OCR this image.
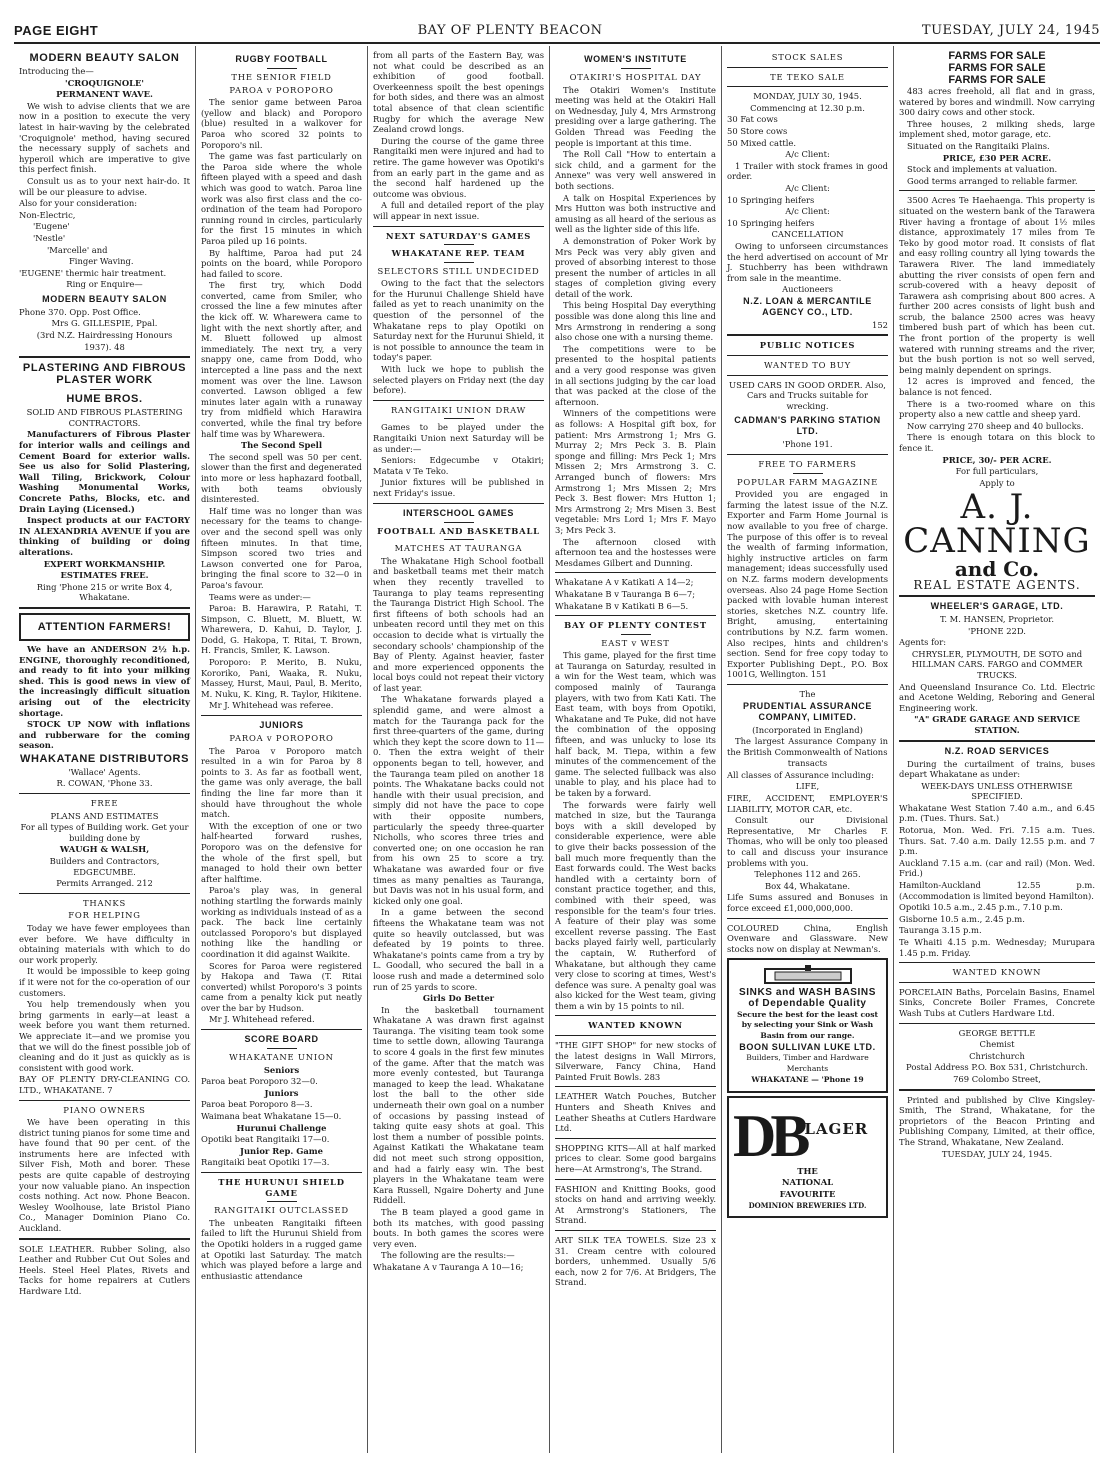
PAGE EIGHT	BAY OF PLENTY BEACON	TUESDAY, JULY 24, 1945
MODERN BEAUTY SALON

Introducing the—

'CROQUIGNOLE'

PERMANENT WAVE.

We wish to advise clients that we are now in a position to execute the very latest in hair-waving by the celebrated 'Croquignole' method, having secured the necessary supply of sachets and hyperoil which are imperative to give this perfect finish.

Consult us as to your next hair-do. It will be our pleasure to advise.

Also for your consideration:

Non-Electric,

'Eugene'

'Nestle'

'Marcelle' and

Finger Waving.

'EUGENE' thermic hair treatment.

Ring or Enquire—

MODERN BEAUTY SALON

Phone 370. Opp. Post Office.

Mrs G. GILLESPIE, Ppal.

(3rd N.Z. Hairdressing Honours

1937). 48

PLASTERING AND FIBROUS PLASTER WORK
HUME BROS.

SOLID AND FIBROUS PLASTERING CONTRACTORS.

Manufacturers of Fibrous Plaster for interior walls and ceilings and Cement Board for exterior walls. See us also for Solid Plastering, Wall Tiling, Brickwork, Colour Washing Monumental Works, Concrete Paths, Blocks, etc. and Drain Laying (Licensed.)

Inspect products at our FACTORY IN ALEXANDRIA AVENUE if you are thinking of building or doing alterations.

EXPERT WORKMANSHIP.

ESTIMATES FREE.

Ring 'Phone 215 or write Box 4, Whakatane.

ATTENTION FARMERS!

We have an ANDERSON 2½ h.p. ENGINE, thoroughly reconditioned, and ready to fit into your milking shed. This is good news in view of the increasingly difficult situation arising out of the electricity shortage.

STOCK UP NOW with inflations and rubberware for the coming season.

WHAKATANE DISTRIBUTORS

'Wallace' Agents.

R. COWAN, 'Phone 33.

FREE

PLANS AND ESTIMATES

For all types of Building work. Get your building done by

WAUGH & WALSH,

Builders and Contractors, EDGECUMBE.

Permits Arranged. 212

THANKS
FOR HELPING

Today we have fewer employees than ever before. We have difficulty in obtaining materials with which to do our work properly.

It would be impossible to keep going if it were not for the co-operation of our customers.

You help tremendously when you bring garments in early—at least a week before you want them returned. We appreciate it—and we promise you that we will do the finest possible job of cleaning and do it just as quickly as is consistent with good work.

BAY OF PLENTY DRY-CLEANING CO. LTD., WHAKATANE. 7

PIANO OWNERS

We have been operating in this district tuning pianos for some time and have found that 90 per cent. of the instruments here are infected with Silver Fish, Moth and borer. These pests are quite capable of destroying your now valuable piano. An inspection costs nothing. Act now. Phone Beacon. Wesley Woolhouse, late Bristol Piano Co., Manager Dominion Piano Co. Auckland.

SOLE LEATHER. Rubber Soling, also Leather and Rubber Cut Out Soles and Heels. Steel Heel Plates, Rivets and Tacks for home repairers at Cutlers Hardware Ltd.

RUGBY FOOTBALL
THE SENIOR FIELD
PAROA v POROPORO

The senior game between Paroa (yellow and black) and Poroporo (blue) resulted in a walkover for Paroa who scored 32 points to Poroporo's nil.

The game was fast particularly on the Paroa side where the whole fifteen played with a speed and dash which was good to watch. Paroa line work was also first class and the co-ordination of the team had Poroporo running round in circles, particularly for the first 15 minutes in which Paroa piled up 16 points.

By halftime, Paroa had put 24 points on the board, while Poroporo had failed to score.

The first try, which Dodd converted, came from Smiler, who crossed the line a few minutes after the kick off. W. Wharewera came to light with the next shortly after, and M. Bluett followed up almost immediately. The next try, a very snappy one, came from Dodd, who intercepted a line pass and the next moment was over the line. Lawson converted. Lawson obliged a few minutes later again with a runaway try from midfield which Harawira converted, while the final try before half time was by Wharewera.

The Second Spell

The second spell was 50 per cent. slower than the first and degenerated into more or less haphazard football, with both teams obviously disinterested.

Half time was no longer than was necessary for the teams to change-over and the second spell was only fifteen minutes. In that time, Simpson scored two tries and Lawson converted one for Paroa, bringing the final score to 32—0 in Paroa's favour.

Teams were as under:—

Paroa: B. Harawira, P. Ratahi, T. Simpson, C. Bluett, M. Bluett, W. Wharewera, D. Kahui, D. Taylor, J. Dodd, G. Hakopa, T. Ritai, T. Brown, H. Francis, Smiler, K. Lawson.

Poroporo: P. Merito, B. Nuku, Kororiko, Pani, Waaka, R. Nuku, Massey, Hurst, Maui, Paul, B. Merito, M. Nuku, K. King, R. Taylor, Hikitene.

Mr J. Whitehead was referee.

JUNIORS
PAROA v POROPORO

The Paroa v Poroporo match resulted in a win for Paroa by 8 points to 3. As far as football went, the game was only average, the ball finding the line far more than it should have throughout the whole match.

With the exception of one or two half-hearted forward rushes, Poroporo was on the defensive for the whole of the first spell, but managed to hold their own better after halftime.

Paroa's play was, in general nothing startling the forwards mainly working as individuals instead of as a pack. The back line certainly outclassed Poroporo's but displayed nothing like the handling or coordination it did against Waikite.

Scores for Paroa were registered by Hakopa and Tawa (T. Ritai converted) whilst Poroporo's 3 points came from a penalty kick put neatly over the bar by Hudson.

Mr J. Whitehead refered.

SCORE BOARD
WHAKATANE UNION

Seniors

Paroa beat Poroporo 32—0.

Juniors

Paroa beat Poroporo 8—3.

Waimana beat Whakatane 15—0.

Hurunui Challenge

Opotiki beat Rangitaiki 17—0.

Junior Rep. Game

Rangitaiki beat Opotiki 17—3.

THE HURUNUI SHIELD GAME
RANGITAIKI OUTCLASSED

The unbeaten Rangitaiki fifteen failed to lift the Hurunui Shield from the Opotiki holders in a rugged game at Opotiki last Saturday. The match which was played before a large and enthusiastic attendance

from all parts of the Eastern Bay, was not what could be described as an exhibition of good football. Overkeenness spoilt the best openings for both sides, and there was an almost total absence of that clean scientific Rugby for which the average New Zealand crowd longs.

During the course of the game three Rangitaiki men were injured and had to retire. The game however was Opotiki's from an early part in the game and as the second half hardened up the outcome was obvious.

A full and detailed report of the play will appear in next issue.

NEXT SATURDAY'S GAMES
WHAKATANE REP. TEAM
SELECTORS STILL UNDECIDED

Owing to the fact that the selectors for the Hurunui Challenge Shield have failed as yet to reach unanimity on the question of the personnel of the Whakatane reps to play Opotiki on Saturday next for the Hurunui Shield, it is not possible to announce the team in today's paper.

With luck we hope to publish the selected players on Friday next (the day before).

RANGITAIKI UNION DRAW

Games to be played under the Rangitaiki Union next Saturday will be as under:—

Seniors: Edgecumbe v Otakiri; Matata v Te Teko.

Junior fixtures will be published in next Friday's issue.

INTERSCHOOL GAMES
FOOTBALL AND BASKETBALL
MATCHES AT TAURANGA

The Whakatane High School football and basketball teams met their match when they recently travelled to Tauranga to play teams representing the Tauranga District High School. The first fifteens of both schools had an unbeaten record until they met on this occasion to decide what is virtually the secondary schools' championship of the Bay of Plenty. Against heavier, faster and more experienced opponents the local boys could not repeat their victory of last year.

The Whakatane forwards played a splendid game, and were almost a match for the Tauranga pack for the first three-quarters of the game, during which they kept the score down to 11—0. Then the extra weight of their opponents began to tell, however, and the Tauranga team piled on another 18 points. The Whakatane backs could not handle with their usual precision, and simply did not have the pace to cope with their opposite numbers, particularly the speedy three-quarter Nicholls, who scores three tries and converted one; on one occasion he ran from his own 25 to score a try. Whakatane was awarded four or five times as many penalties as Tauranga, but Davis was not in his usual form, and kicked only one goal.

In a game between the second fifteens the Whakatane team was not quite so heavily outclassed, but was defeated by 19 points to three. Whakatane's points came from a try by L. Goodall, who secured the ball in a loose rush and made a determined solo run of 25 yards to score.

Girls Do Better

In the basketball tournament Whakatane A was drawn first against Tauranga. The visiting team took some time to settle down, allowing Tauranga to score 4 goals in the first few minutes of the game. After that the match was more evenly contested, but Tauranga managed to keep the lead. Whakatane lost the ball to the other side underneath their own goal on a number of occasions by passing instead of taking quite easy shots at goal. This lost them a number of possible points. Against Katikati the Whakatane team did not meet such strong opposition, and had a fairly easy win. The best players in the Whakatane team were Kara Russell, Ngaire Doherty and June Riddell.

The B team played a good game in both its matches, with good passing bouts. In both games the scores were very even.

The following are the results:—

Whakatane A v Tauranga A 10—16;

WOMEN'S INSTITUTE
OTAKIRI'S HOSPITAL DAY

The Otakiri Women's Institute meeting was held at the Otakiri Hall on Wednesday, July 4, Mrs Armstrong presiding over a large gathering. The Golden Thread was Feeding the people is important at this time.

The Roll Call "How to entertain a sick child, and a garment for the Annexe" was very well answered in both sections.

A talk on Hospital Experiences by Mrs Hutton was both instructive and amusing as all heard of the serious as well as the lighter side of this life.

A demonstration of Poker Work by Mrs Peck was very ably given and proved of absorbing interest to those present the number of articles in all stages of completion giving every detail of the work.

This being Hospital Day everything possible was done along this line and Mrs Armstrong in rendering a song also chose one with a nursing theme.

The competitions were to be presented to the hospital patients and a very good response was given in all sections judging by the car load that was packed at the close of the afternoon.

Winners of the competitions were as follows: A Hospital gift box, for patient: Mrs Armstrong 1; Mrs G. Murray 2; Mrs Peck 3. B. Plain sponge and filling: Mrs Peck 1; Mrs Missen 2; Mrs Armstrong 3. C. Arranged bunch of flowers: Mrs Armstrong 1; Mrs Missen 2; Mrs Peck 3. Best flower: Mrs Hutton 1; Mrs Armstrong 2; Mrs Misen 3. Best vegetable: Mrs Lord 1; Mrs F. Mayo 3; Mrs Peck 3.

The afternoon closed with afternoon tea and the hostesses were Mesdames Gilbert and Dunning.

Whakatane A v Katikati A 14—2;

Whakatane B v Tauranga B 6—7;

Whakatane B v Katikati B 6—5.

BAY OF PLENTY CONTEST
EAST v WEST

This game, played for the first time at Tauranga on Saturday, resulted in a win for the West team, which was composed mainly of Tauranga players, with two from Kati Kati. The East team, with boys from Opotiki, Whakatane and Te Puke, did not have the combination of the opposing fifteen, and was unlucky to lose its half back, M. Tiepa, within a few minutes of the commencement of the game. The selected fullback was also unable to play, and his place had to be taken by a forward.

The forwards were fairly well matched in size, but the Tauranga boys with a skill developed by considerable experience, were able to give their backs possession of the ball much more frequently than the East forwards could. The West backs handled with a certainty born of constant practice together, and this, combined with their speed, was responsible for the team's four tries. A feature of their play was some excellent reverse passing. The East backs played fairly well, particularly the captain, W. Rutherford of Whakatane, but although they came very close to scoring at times, West's defence was sure. A penalty goal was also kicked for the West team, giving them a win by 15 points to nil.

WANTED KNOWN

"THE GIFT SHOP" for new stocks of the latest designs in Wall Mirrors, Silverware, Fancy China, Hand Painted Fruit Bowls. 283

LEATHER Watch Pouches, Butcher Hunters and Sheath Knives and Leather Sheaths at Cutlers Hardware Ltd.

SHOPPING KITS—All at half marked prices to clear. Some good bargains here—At Armstrong's, The Strand.

FASHION and Knitting Books, good stocks on hand and arriving weekly. At Armstrong's Stationers, The Strand.

ART SILK TEA TOWELS. Size 23 x 31. Cream centre with coloured borders, unhemmed. Usually 5/6 each, now 2 for 7/6. At Bridgers, The Strand.

STOCK SALES
TE TEKO SALE

MONDAY, JULY 30, 1945.

Commencing at 12.30 p.m.

30 Fat cows

50 Store cows

50 Mixed cattle.

A/c Client:

1 Trailer with stock frames in good order.

A/c Client:

10 Springing heifers

A/c Client:

10 Springing heifers

CANCELLATION

Owing to unforseen circumstances the herd advertised on account of Mr J. Stuchberry has been withdrawn from sale in the meantime.

Auctioneers

N.Z. LOAN & MERCANTILE AGENCY CO., LTD.

152

PUBLIC NOTICES
WANTED TO BUY

USED CARS IN GOOD ORDER. Also, Cars and Trucks suitable for wrecking.

CADMAN'S PARKING STATION LTD.

'Phone 191.

FREE TO FARMERS
POPULAR FARM MAGAZINE

Provided you are engaged in farming the latest issue of the N.Z. Exporter and Farm Home Journal is now available to you free of charge. The purpose of this offer is to reveal the wealth of farming information, highly instructive articles on farm management; ideas successfully used on N.Z. farms modern developments overseas. Also 24 page Home Section packed with lovable human interest stories, sketches N.Z. country life. Bright, amusing, entertaining contributions by N.Z. farm women. Also recipes, hints and children's section. Send for free copy today to Exporter Publishing Dept., P.O. Box 1001G, Wellington. 151

The

PRUDENTIAL ASSURANCE COMPANY, LIMITED.

(Incorporated in England)

The largest Assurance Company in the British Commonwealth of Nations

transacts

All classes of Assurance including:

LIFE,

FIRE, ACCIDENT, EMPLOYER'S LIABILITY, MOTOR CAR, etc.

Consult our Divisional Representative, Mr Charles F. Thomas, who will be only too pleased to call and discuss your insurance problems with you.

Telephones 112 and 265.

Box 44, Whakatane.

Life Sums assured and Bonuses in force exceed £1,000,000,000.

COLOURED China, English Ovenware and Glassware. New stocks now on display at Newman's.

SINKS and WASH BASINS
of Dependable Quality

Secure the best for the least cost by selecting your Sink or Wash Basin from our range.

BOON SULLIVAN LUKE LTD.

Builders, Timber and Hardware Merchants

WHAKATANE — 'Phone 19

DB LAGER

THE

NATIONAL

FAVOURITE

DOMINION BREWERIES LTD.

FARMS FOR SALE
FARMS FOR SALE
FARMS FOR SALE

483 acres freehold, all flat and in grass, watered by bores and windmill. Now carrying 300 dairy cows and other stock.

Three houses, 2 milking sheds, large implement shed, motor garage, etc.

Situated on the Rangitaiki Plains.

PRICE, £30 PER ACRE.

Stock and implements at valuation.

Good terms arranged to reliable farmer.

3500 Acres Te Haehaenga. This property is situated on the western bank of the Tarawera River having a frontage of about 1½ miles distance, approximately 17 miles from Te Teko by good motor road. It consists of flat and easy rolling country all lying towards the Tarawera River. The land immediately abutting the river consists of open fern and scrub-covered with a heavy deposit of Tarawera ash comprising about 800 acres. A further 200 acres consists of light bush and scrub, the balance 2500 acres was heavy timbered bush part of which has been cut. The front portion of the property is well watered with running streams and the river, but the bush portion is not so well served, being mainly dependent on springs.

12 acres is improved and fenced, the balance is not fenced.

There is a two-roomed whare on this property also a new cattle and sheep yard.

Now carrying 270 sheep and 40 bullocks.

There is enough totara on this block to fence it.

PRICE, 30/- PER ACRE.

For full particulars,

Apply to

A. J. CANNING
and Co.
REAL ESTATE AGENTS.
WHEELER'S GARAGE, LTD.

T. M. HANSEN, Proprietor.

'PHONE 22D.

Agents for:

CHRYSLER, PLYMOUTH, DE SOTO and HILLMAN CARS. FARGO and COMMER TRUCKS.

And Queensland Insurance Co. Ltd. Electric and Acetone Welding, Reboring and General Engineering work.

"A" GRADE GARAGE AND SERVICE STATION.

N.Z. ROAD SERVICES

During the curtailment of trains, buses depart Whakatane as under:

WEEK-DAYS UNLESS OTHERWISE SPECIFIED.

Whakatane West Station 7.40 a.m., and 6.45 p.m. (Tues. Thurs. Sat.)

Rotorua, Mon. Wed. Fri. 7.15 a.m. Tues. Thurs. Sat. 7.40 a.m. Daily 12.55 p.m. and 7 p.m.

Auckland 7.15 a.m. (car and rail) (Mon. Wed. Frid.)

Hamilton-Auckland 12.55 p.m. (Accommodation is limited beyond Hamilton).

Opotiki 10.5 a.m., 2.45 p.m., 7.10 p.m.

Gisborne 10.5 a.m., 2.45 p.m.

Tauranga 3.15 p.m.

Te Whaiti 4.15 p.m. Wednesday; Murupara 1.45 p.m. Friday.

WANTED KNOWN

PORCELAIN Baths, Porcelain Basins, Enamel Sinks, Concrete Boiler Frames, Concrete Wash Tubs at Cutlers Hardware Ltd.

GEORGE BETTLE

Chemist

Christchurch

Postal Address P.O. Box 531, Christchurch.

769 Colombo Street,

Printed and published by Clive Kingsley-Smith, The Strand, Whakatane, for the proprietors of the Beacon Printing and Publishing Company, Limited, at their office, The Strand, Whakatane, New Zealand.

TUESDAY, JULY 24, 1945.
